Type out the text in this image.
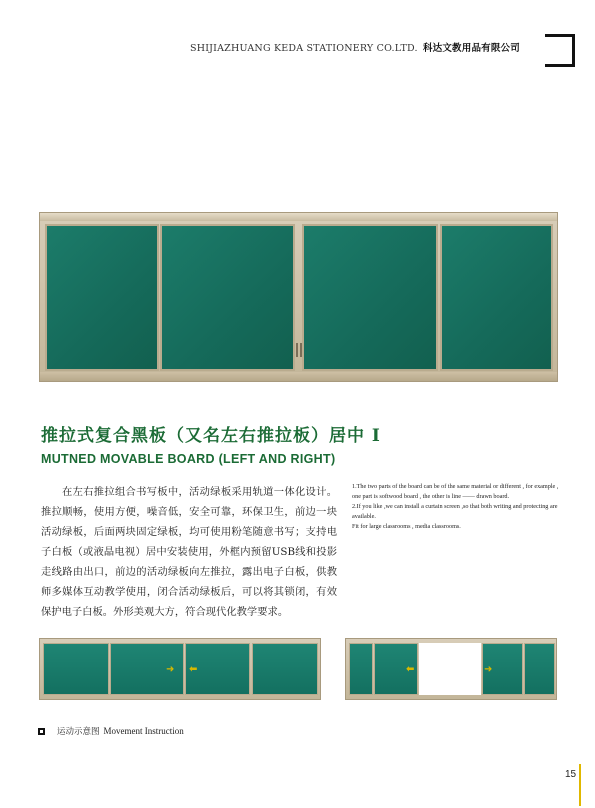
SHIJIAZHUANG KEDA STATIONERY CO.LTD. 科达文教用品有限公司
推拉式复合黑板（又名左右推拉板）居中 I
MUTNED MOVABLE BOARD (LEFT AND RIGHT)
在左右推拉组合书写板中，活动绿板采用轨道一体化设计。推拉顺畅，使用方便，噪音低，安全可靠，环保卫生，前边一块活动绿板，后面两块固定绿板，均可使用粉笔随意书写；支持电子白板（或液晶电视）居中安装使用，外框内预留USB线和投影走线路由出口，前边的活动绿板向左推拉，露出电子白板，供教师多媒体互动教学使用，闭合活动绿板后，可以将其锁闭，有效保护电子白板。外形美观大方，符合现代化教学要求。

1.The two parts of the board can be of the same material or different , for example , one part is softwood board , the other is line —— drawn board.

2.If you like ,we can install a curtain screen ,so that both writing and protecting are available.

Fit for large classrooms , media classrooms.

➜ ⬅	⬅	➜
运动示意图 Movement Instruction
15
